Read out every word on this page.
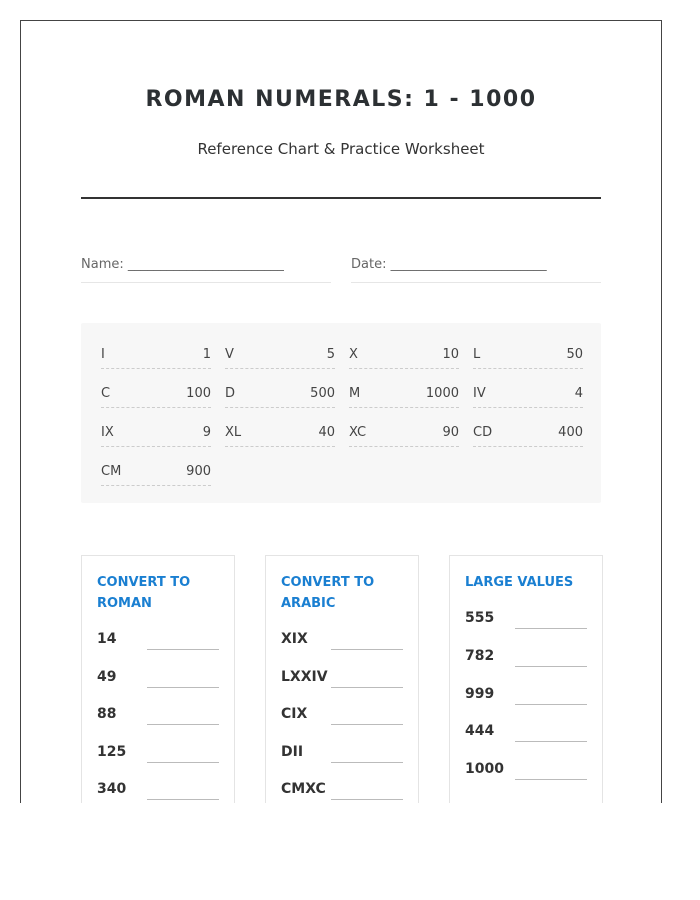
ROMAN NUMERALS: 1 - 1000
Reference Chart & Practice Worksheet
Name: ________________________	Date: ________________________
I	1 V	5 X	10 L	50
C	100 D	500 M	1000 IV	4
IX	9 XL	40 XC	90 CD	400
CM	900
CONVERT TO ROMAN
14
49
88
125
340
CONVERT TO ARABIC
XIX
LXXIV
CIX
DII
CMXC
LARGE VALUES
555
782
999
444
1000
